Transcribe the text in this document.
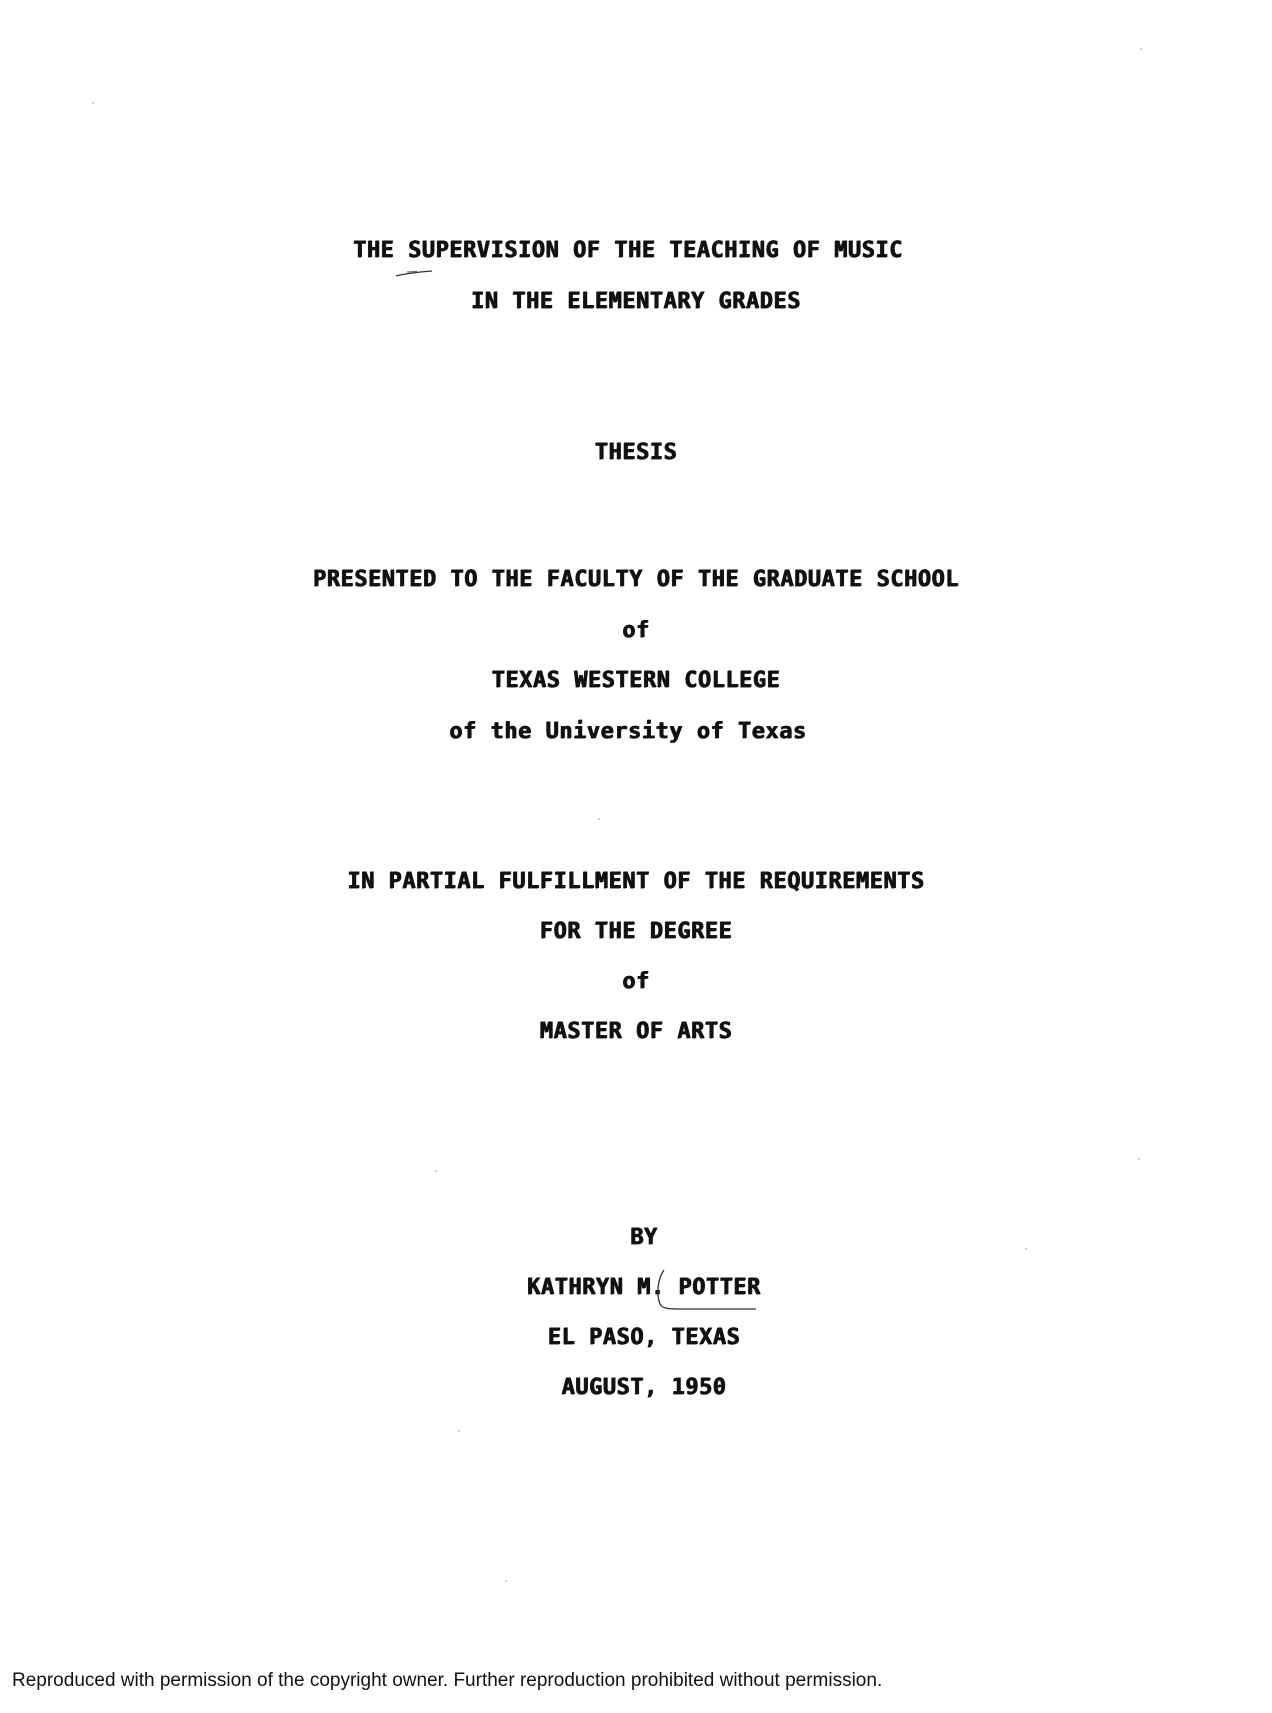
THE SUPERVISION OF THE TEACHING OF MUSIC
IN THE ELEMENTARY GRADES
THESIS
PRESENTED TO THE FACULTY OF THE GRADUATE SCHOOL
of
TEXAS WESTERN COLLEGE
of the University of Texas
IN PARTIAL FULFILLMENT OF THE REQUIREMENTS
FOR THE DEGREE
of
MASTER OF ARTS
BY
KATHRYN M. POTTER
EL PASO, TEXAS
AUGUST, 1950
Reproduced with permission of the copyright owner. Further reproduction prohibited without permission.
